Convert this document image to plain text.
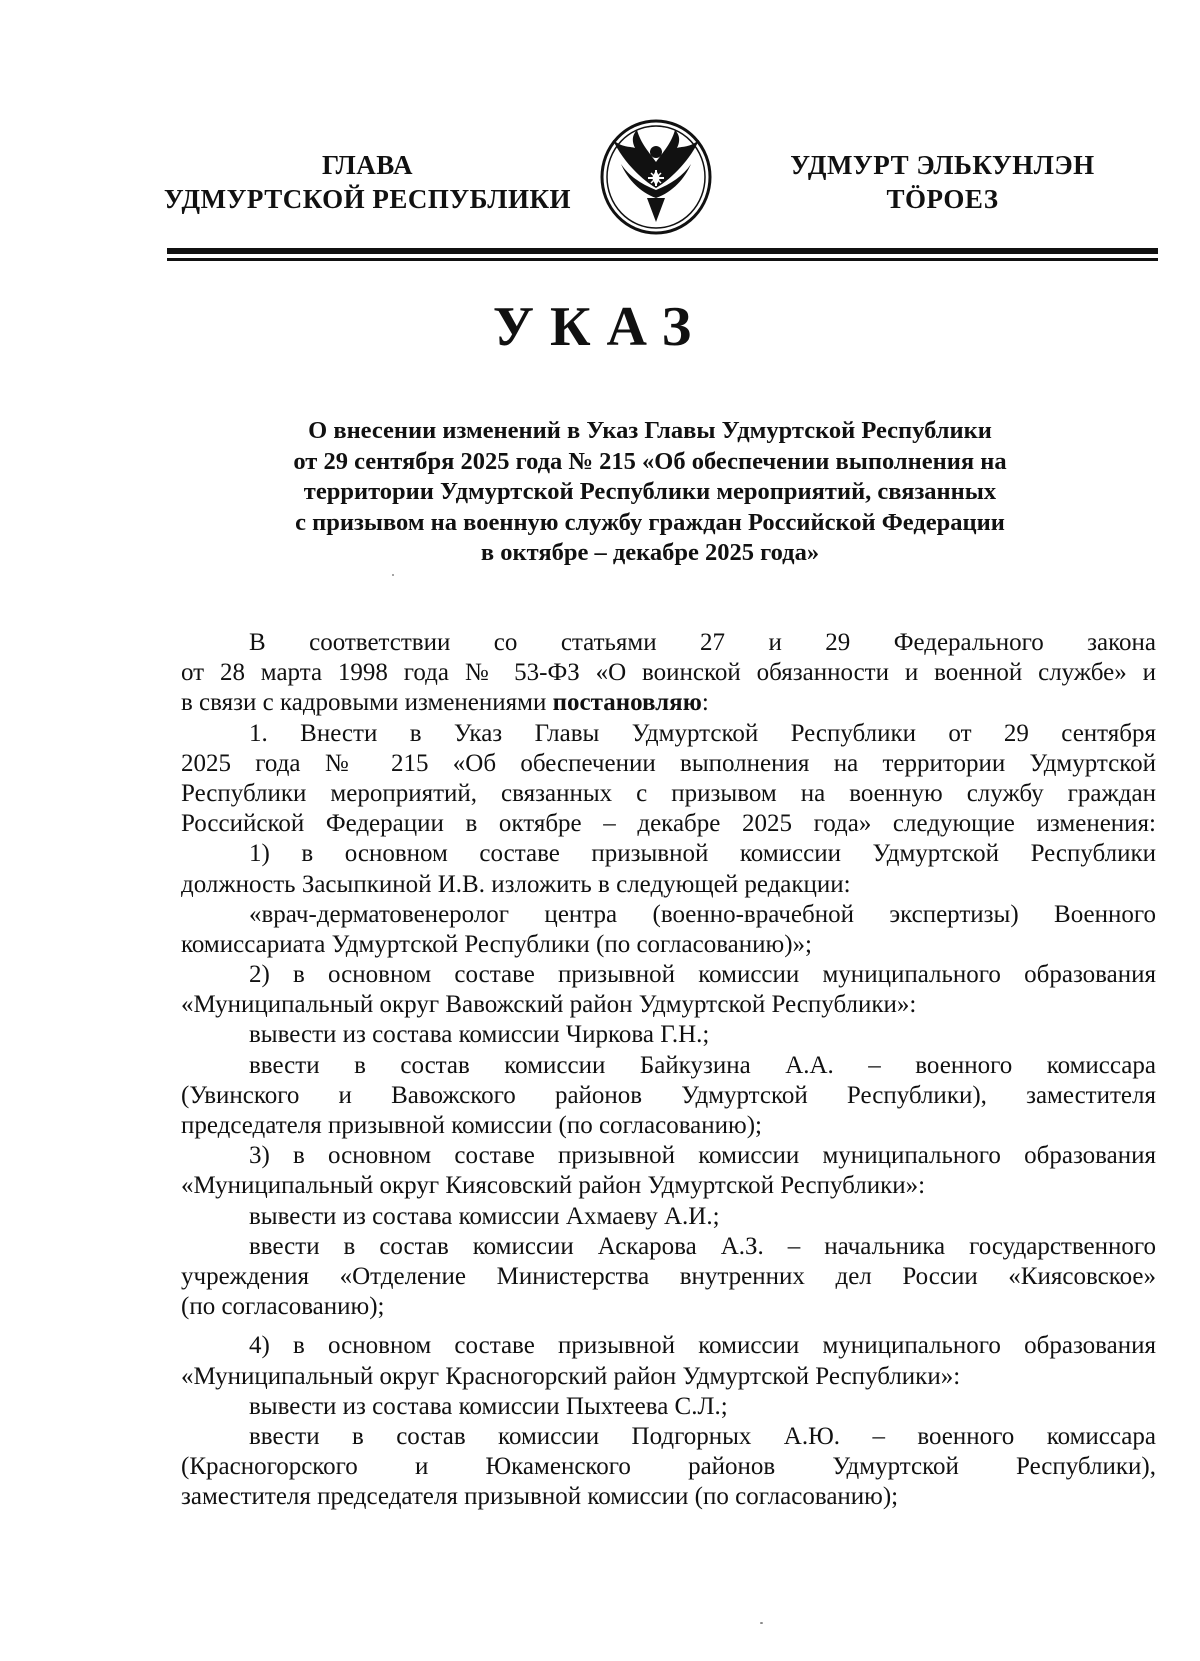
ГЛАВА
УДМУРТСКОЙ РЕСПУБЛИКИ
УДМУРТ ЭЛЬКУНЛЭН
ТӦРОЕЗ
УКАЗ
О внесении изменений в Указ Главы Удмуртской Республики
от 29 сентября 2025 года № 215 «Об обеспечении выполнения на
территории Удмуртской Республики мероприятий, связанных
с призывом на военную службу граждан Российской Федерации
в октябре – декабре 2025 года»
В соответствии со статьями 27 и 29 Федерального закона
от 28 марта 1998 года № 53-ФЗ «О воинской обязанности и военной службе» и
в связи с кадровыми изменениями постановляю:
1. Внести в Указ Главы Удмуртской Республики от 29 сентября
2025 года № 215 «Об обеспечении выполнения на территории Удмуртской
Республики мероприятий, связанных с призывом на военную службу граждан
Российской Федерации в октябре – декабре 2025 года» следующие изменения:
1) в основном составе призывной комиссии Удмуртской Республики
должность Засыпкиной И.В. изложить в следующей редакции:
«врач-дерматовенеролог центра (военно-врачебной экспертизы) Военного
комиссариата Удмуртской Республики (по согласованию)»;
2) в основном составе призывной комиссии муниципального образования
«Муниципальный округ Вавожский район Удмуртской Республики»:
вывести из состава комиссии Чиркова Г.Н.;
ввести в состав комиссии Байкузина А.А. – военного комиссара
(Увинского и Вавожского районов Удмуртской Республики), заместителя
председателя призывной комиссии (по согласованию);
3) в основном составе призывной комиссии муниципального образования
«Муниципальный округ Киясовский район Удмуртской Республики»:
вывести из состава комиссии Ахмаеву А.И.;
ввести в состав комиссии Аскарова А.З. – начальника государственного
учреждения «Отделение Министерства внутренних дел России «Киясовское»
(по согласованию);
4) в основном составе призывной комиссии муниципального образования
«Муниципальный округ Красногорский район Удмуртской Республики»:
вывести из состава комиссии Пыхтеева С.Л.;
ввести в состав комиссии Подгорных А.Ю. – военного комиссара
(Красногорского и Юкаменского районов Удмуртской Республики),
заместителя председателя призывной комиссии (по согласованию);
